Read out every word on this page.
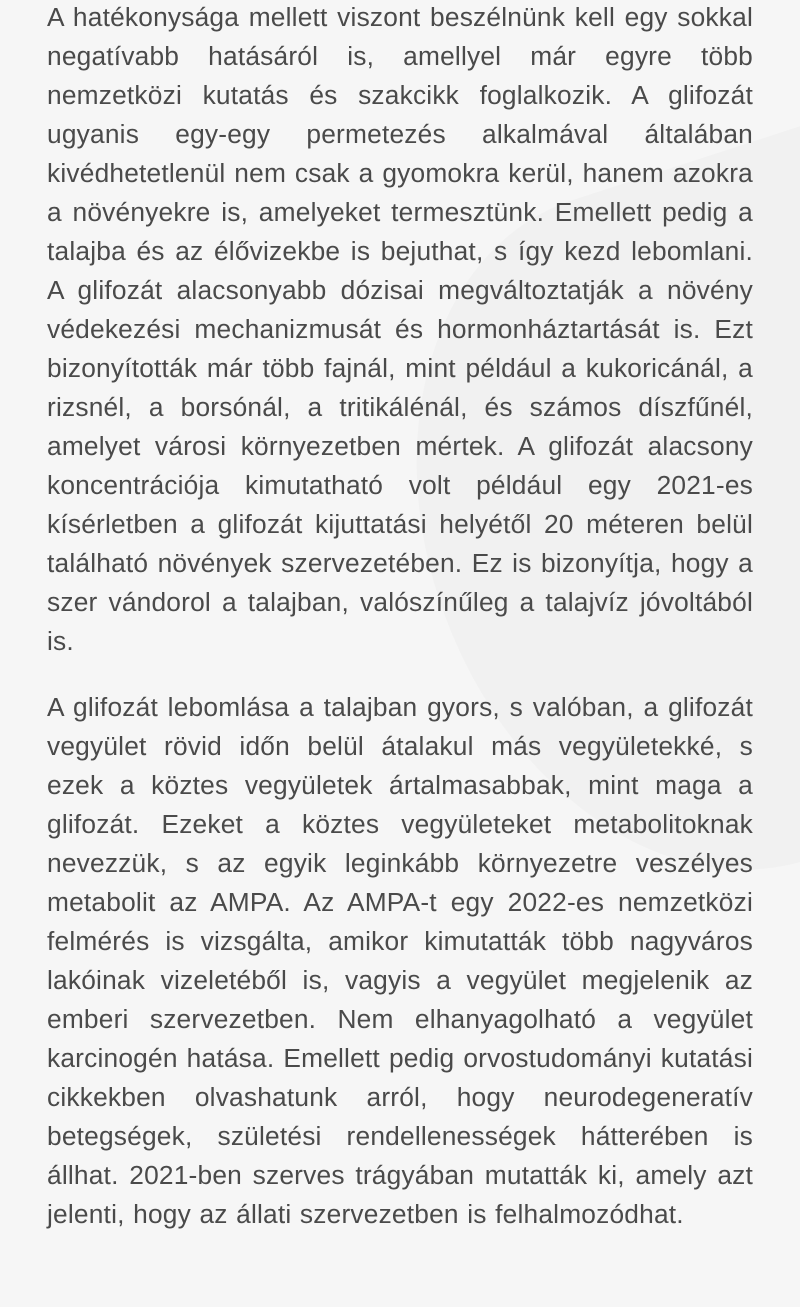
A hatékonysága mellett viszont beszélnünk kell egy sokkal negatívabb hatásáról is, amellyel már egyre több nemzetközi kutatás és szakcikk foglalkozik. A glifozát ugyanis egy-egy permetezés alkalmával általában kivédhetetlenül nem csak a gyomokra kerül, hanem azokra a növényekre is, amelyeket termesztünk. Emellett pedig a talajba és az élővizekbe is bejuthat, s így kezd lebomlani. A glifozát alacsonyabb dózisai megváltoztatják a növény védekezési mechanizmusát és hormonháztartását is. Ezt bizonyították már több fajnál, mint például a kukoricánál, a rizsnél, a borsónál, a tritikálénál, és számos díszfűnél, amelyet városi környezetben mértek. A glifozát alacsony koncentrációja kimutatható volt például egy 2021-es kísérletben a glifozát kijuttatási helyétől 20 méteren belül található növények szervezetében. Ez is bizonyítja, hogy a szer vándorol a talajban, valószínűleg a talajvíz jóvoltából is.

A glifozát lebomlása a talajban gyors, s valóban, a glifozát vegyület rövid időn belül átalakul más vegyületekké, s ezek a köztes vegyületek ártalmasabbak, mint maga a glifozát. Ezeket a köztes vegyületeket metabolitoknak nevezzük, s az egyik leginkább környezetre veszélyes metabolit az AMPA. Az AMPA-t egy 2022-es nemzetközi felmérés is vizsgálta, amikor kimutatták több nagyváros lakóinak vizeletéből is, vagyis a vegyület megjelenik az emberi szervezetben. Nem elhanyagolható a vegyület karcinogén hatása. Emellett pedig orvostudományi kutatási cikkekben olvashatunk arról, hogy neurodegeneratív betegségek, születési rendellenességek hátterében is állhat. 2021-ben szerves trágyában mutatták ki, amely azt jelenti, hogy az állati szervezetben is felhalmozódhat.
